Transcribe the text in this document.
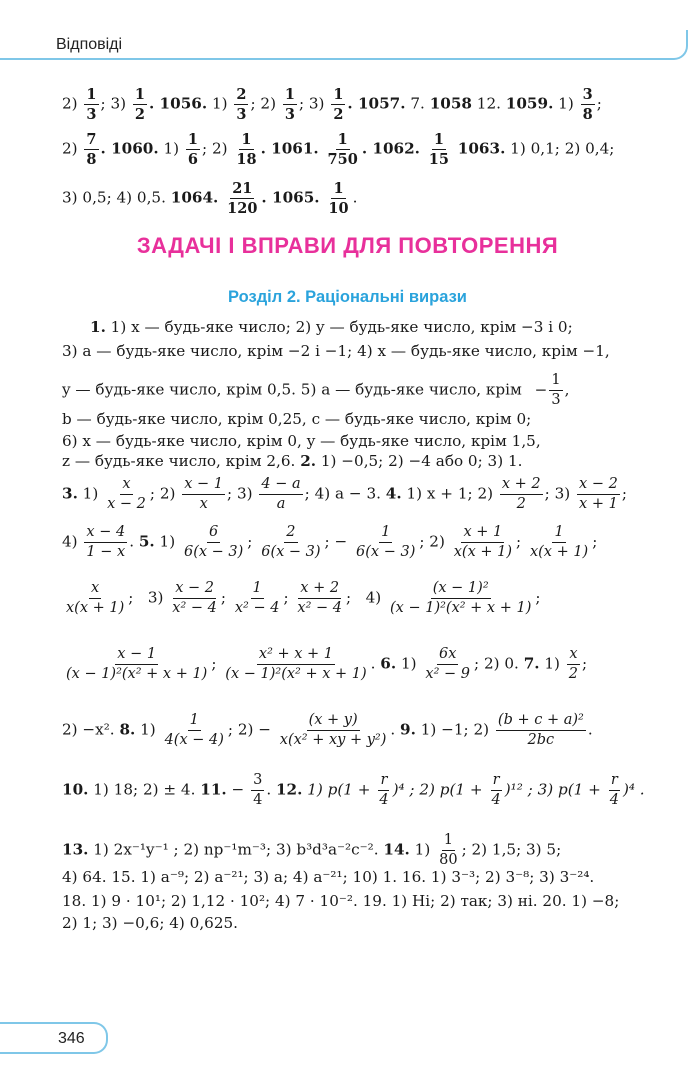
Відповіді
$2) \frac{1}{3}$ ; $3) \frac{1}{2}$ . 1056. $1) \frac{2}{3}$ ; $2) \frac{1}{3}$ ; $3) \frac{1}{2}$ . 1057. 7. 1058 12. 1059. $1) \frac{3}{8}$ ;
$2) \frac{7}{8}$ . 1060. $1) \frac{1}{6}$ ; $2) \frac{1}{18}$ . 1061. $\frac{1}{750}$ . 1062. $\frac{1}{15} 1063$. 1) 0,1; 2) 0,4;
3) 0,5; 4) 0,5. 1064. $\frac{21}{120}$ . 1065. $\frac{1}{10}$ .
ЗАДАЧІ І ВПРАВИ ДЛЯ ПОВТОРЕННЯ
Розділ 2. Раціональні вирази
1. 1) x — будь-яке число; 2) y — будь-яке число, крім −3 і 0;
3) a — будь-яке число, крім −2 і −1; 4) x — будь-яке число, крім −1,
y — будь-яке число, крім 0,5. 5) a — будь-яке число, крім − $\frac{1}{3}$ ,
b — будь-яке число, крім 0,25, c — будь-яке число, крім 0;
6) x — будь-яке число, крім 0, y — будь-яке число, крім 1,5,
z — будь-яке число, крім 2,6. 2. 1) −0,5; 2) −4 або 0; 3) 1.
3. $1) \frac{x}{x - 2}$ ; $2) \frac{x - 1}{x}$ ; $3) \frac{4 - a}{a}$ ; 4) a − 3. 4. 1) x + 1; $2) \frac{x + 2}{2}$ ; $3) \frac{x - 2}{x + 1}$ ;
$4) \frac{x - 4}{1 - x}$ . 5. $1) \frac{6}{6(x - 3)}$ ; $\frac{2}{6(x - 3)}$ ; − $\frac{1}{6(x - 3)}$ ; $2) \frac{x + 1}{x(x + 1)}$ ; $\frac{1}{x(x + 1)}$ ;
$\frac{x}{x(x + 1)}$ ;   $3) \frac{x - 2}{\text{x² − 4}}$ ; $\frac{1}{\text{x² − 4}}$ ; $\frac{x + 2}{\text{x² − 4}}$ ;   $4) \frac{\text{(x − 1)²}}{\text{(x − 1)²(x² + x + 1)}}$ ;
$\frac{x - 1}{\text{(x − 1)²(x² + x + 1)}}$ ; $\frac{\text{x² + x + 1}}{\text{(x − 1)²(x² + x + 1)}}$ . 6. $1) \frac{6x}{\text{x² − 9}}$ ; 2) 0. 7. $1) \frac{x}{2}$ ;
2) −x². 8. $1) \frac{1}{4(x - 4)}$ ; $2) - \frac{(x + y)}{\text{x(x² + xy + y²)}}$ . 9. 1) −1; $2) \frac{\text{(b + c + a)²}}{2bc}$ .
10. 1) 18; 2) ± 4. 11. − $\frac{3}{4}$ . 12. 1) $p(1 + \frac{r}{4} )^4$ ; 2) $p(1 + \frac{r}{4} )^{12}$ ; 3) $p(1 + \frac{r}{4} )^4$ .
13. 1) 2x⁻¹y⁻¹ ; 2) np⁻¹m⁻³; 3) b³d³a⁻²c⁻². 14. $1) \frac{1}{80}$ ; 2) 1,5; 3) 5;
4) 64. 15. 1) a⁻⁹; 2) a⁻²¹; 3) a; 4) a⁻²¹; 10) 1. 16. 1) 3⁻³; 2) 3⁻⁸; 3) 3⁻²⁴.
18. 1) 9 · 10¹; 2) 1,12 · 10²; 4) 7 · 10⁻². 19. 1) Ні; 2) так; 3) ні. 20. 1) −8;
2) 1; 3) −0,6; 4) 0,625.
346
